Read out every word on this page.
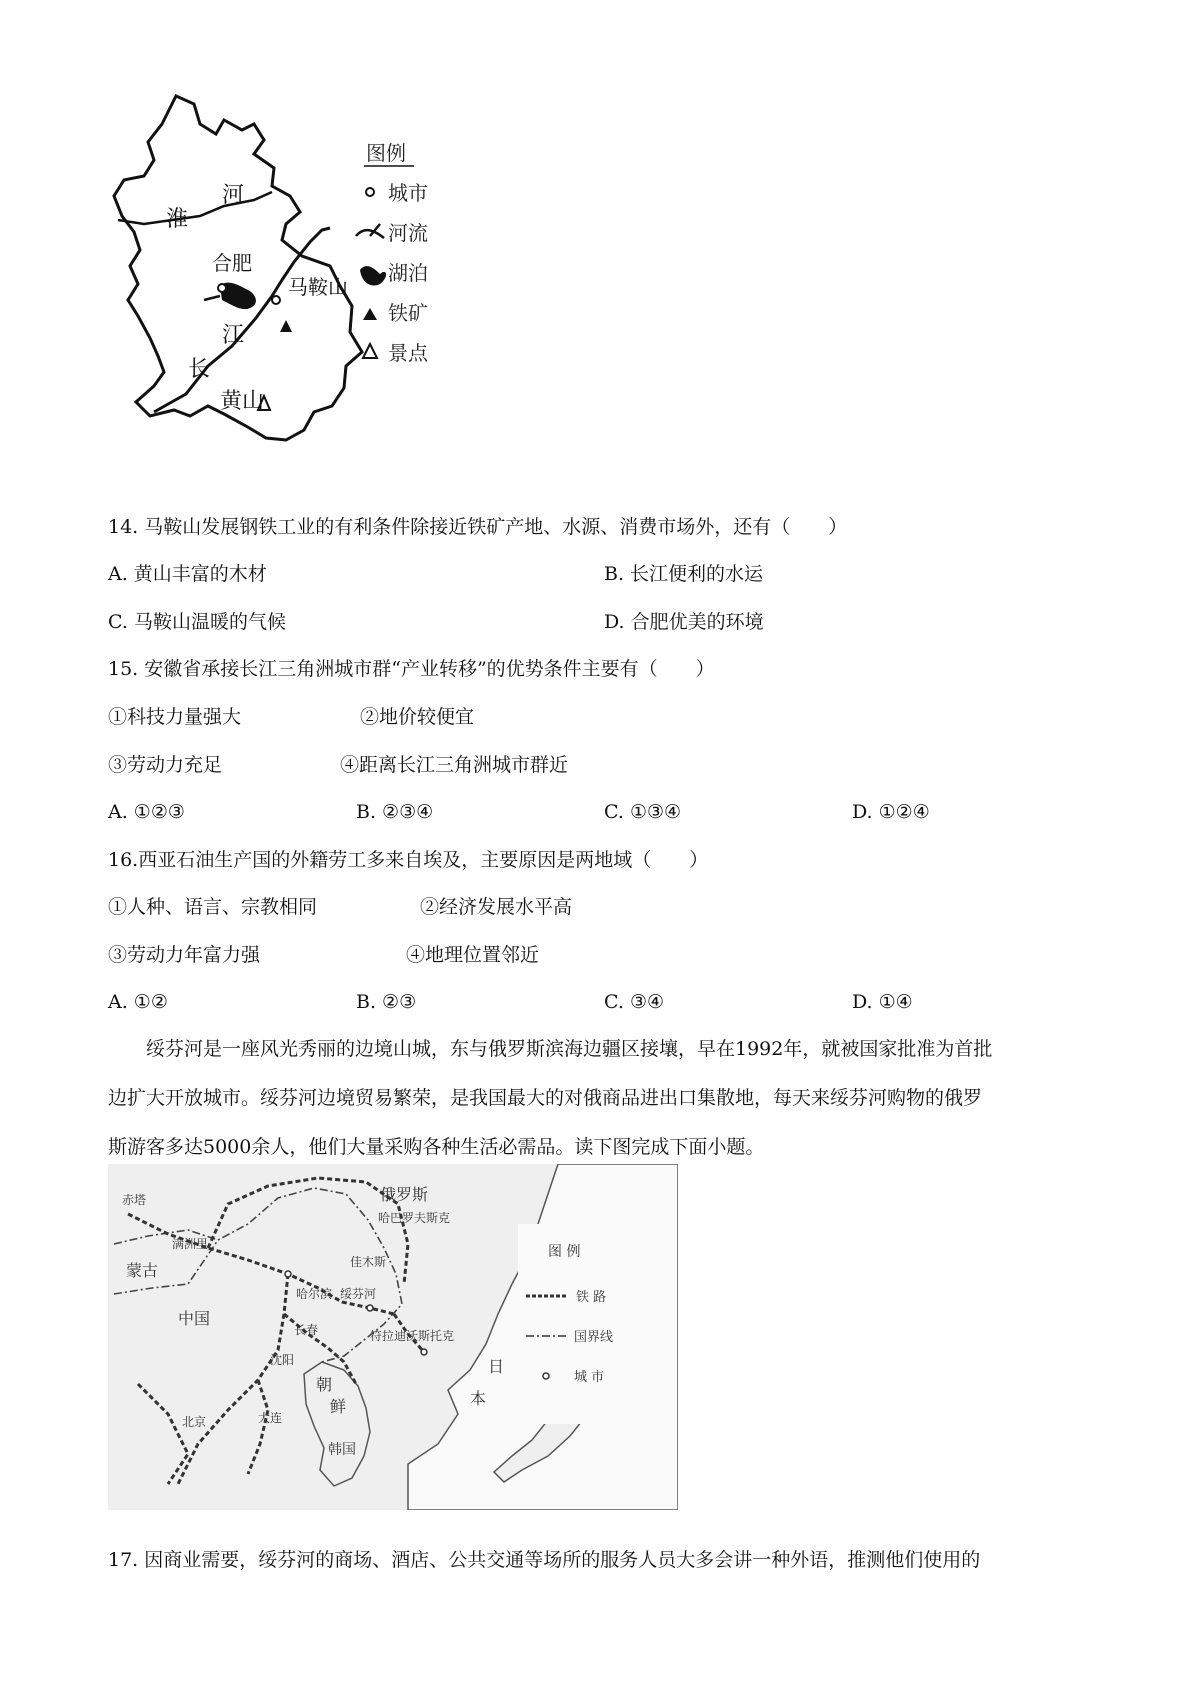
河
淮
合肥
马鞍山
江
长
黄山
图例
城市
河流
湖泊
铁矿
景点
14. 马鞍山发展钢铁工业的有利条件除接近铁矿产地、水源、消费市场外，还有（　　）
A. 黄山丰富的木材	B. 长江便利的水运
C. 马鞍山温暖的气候	D. 合肥优美的环境
15. 安徽省承接长江三角洲城市群“产业转移”的优势条件主要有（　　）
①科技力量强大	②地价较便宜
③劳动力充足	④距离长江三角洲城市群近
A. ①②③	B. ②③④	C. ①③④	D. ①②④
16.西亚石油生产国的外籍劳工多来自埃及，主要原因是两地域（　　）
①人种、语言、宗教相同	②经济发展水平高
③劳动力年富力强	④地理位置邻近
A. ①②	B. ②③	C. ③④	D. ①④
绥芬河是一座风光秀丽的边境山城，东与俄罗斯滨海边疆区接壤，早在1992年，就被国家批准为首批
边扩大开放城市。绥芬河边境贸易繁荣，是我国最大的对俄商品进出口集散地，每天来绥芬河购物的俄罗
斯游客多达5000余人，他们大量采购各种生活必需品。读下图完成下面小题。
俄罗斯
哈巴罗夫斯克
赤塔
满洲里
佳木斯
蒙古
哈尔滨 绥芬河
中国
长春	符拉迪沃斯托克
沈阳
朝
鲜
北京	大连
韩国
日
本
图 例
铁 路
国界线
城 市
17. 因商业需要，绥芬河的商场、酒店、公共交通等场所的服务人员大多会讲一种外语，推测他们使用的
